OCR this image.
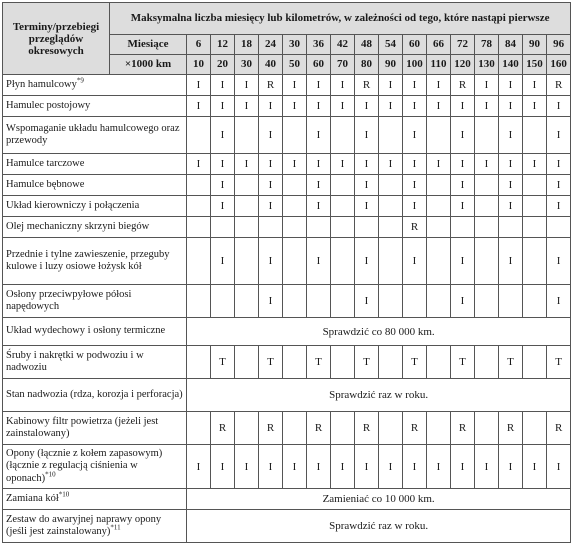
Terminy/przebiegi przeglądów okresowych	Maksymalna liczba miesięcy lub kilometrów, w zależności od tego, które nastąpi pierwsze																
	Miesiące	6	12	18	24	30	36	42	48	54	60	66	72	78	84	90	96
	×1000 km	10	20	30	40	50	60	70	80	90	100	110	120	130	140	150	160
Płyn hamulcowy$^{*9}$		I	I	I	R	I	I	I	R	I	I	I	R	I	I	I	R
Hamulec postojowy		I	I	I	I	I	I	I	I	I	I	I	I	I	I	I	I
Wspomaganie układu hamulcowego oraz przewody			I		I		I		I		I		I		I		I
Hamulce tarczowe		I	I	I	I	I	I	I	I	I	I	I	I	I	I	I	I
Hamulce bębnowe			I		I		I		I		I		I		I		I
Układ kierowniczy i połączenia			I		I		I		I		I		I		I		I
Olej mechaniczny skrzyni biegów											R						
Przednie i tylne zawieszenie, przeguby kulowe i luzy osiowe łożysk kół			I		I		I		I		I		I		I		I
Osłony przeciwpyłowe półosi napędowych					I				I				I				I
Układ wydechowy i osłony termiczne		Sprawdzić co 80 000 km.															
Śruby i nakrętki w podwoziu i w nadwoziu			T		T		T		T		T		T		T		T
Stan nadwozia (rdza, korozja i perforacja)		Sprawdzić raz w roku.															
Kabinowy filtr powietrza (jeżeli jest zainstalowany)			R		R		R		R		R		R		R		R
Opony (łącznie z kołem zapasowym) (łącznie z regulacją ciśnienia w oponach)$^{*10}$		I	I	I	I	I	I	I	I	I	I	I	I	I	I	I	I
Zamiana kół$^{*10}$		Zamieniać co 10 000 km.															
Zestaw do awaryjnej naprawy opony (jeśli jest zainstalowany)$^{*11}$		Sprawdzić raz w roku.															
